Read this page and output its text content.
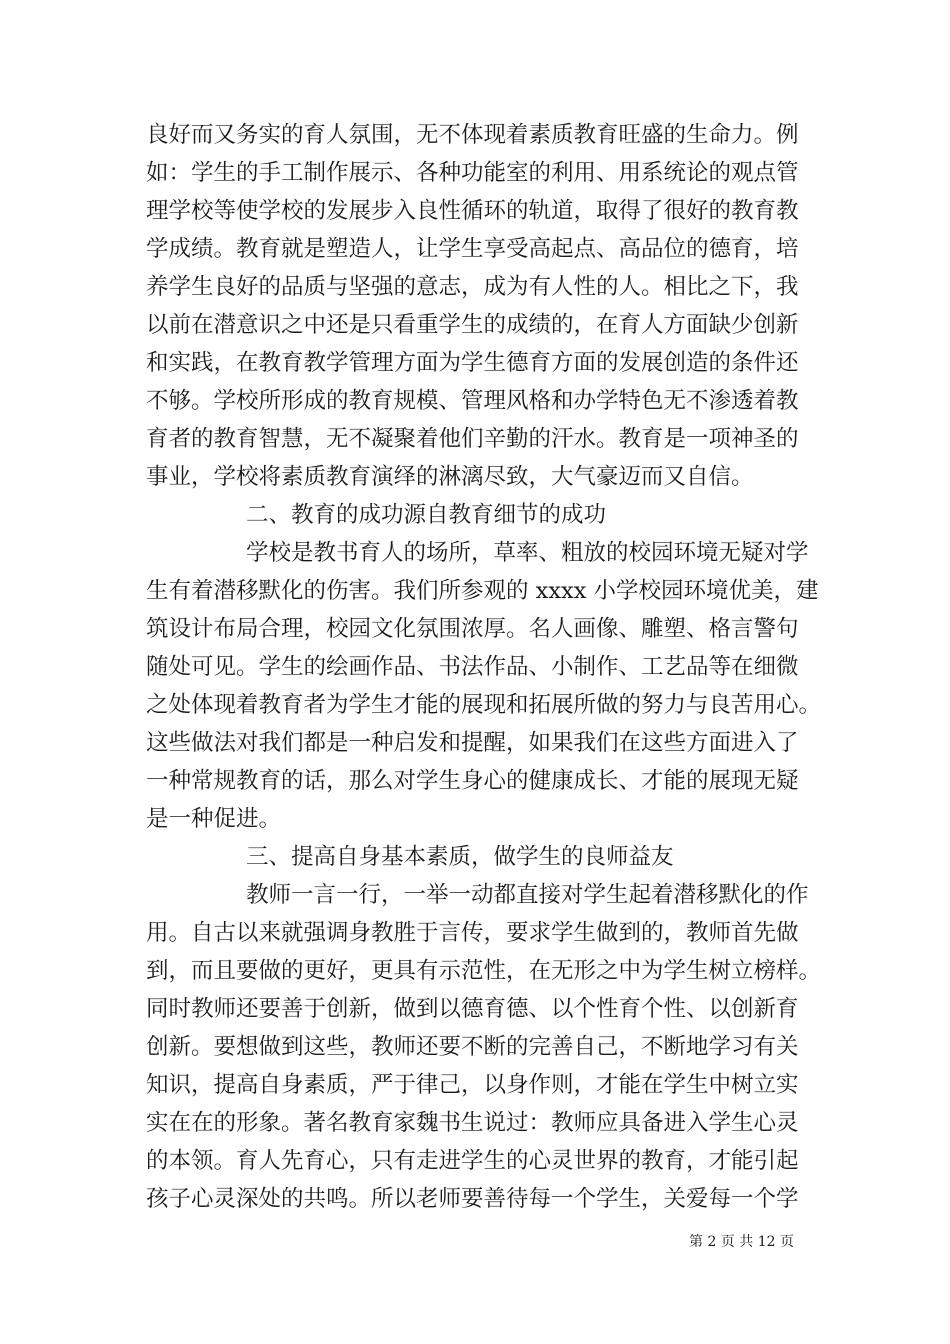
良好而又务实的育人氛围，无不体现着素质教育旺盛的生命力。例
如：学生的手工制作展示、各种功能室的利用、用系统论的观点管
理学校等使学校的发展步入良性循环的轨道，取得了很好的教育教
学成绩。教育就是塑造人，让学生享受高起点、高品位的德育，培
养学生良好的品质与坚强的意志，成为有人性的人。相比之下，我
以前在潜意识之中还是只看重学生的成绩的，在育人方面缺少创新
和实践，在教育教学管理方面为学生德育方面的发展创造的条件还
不够。学校所形成的教育规模、管理风格和办学特色无不渗透着教
育者的教育智慧，无不凝聚着他们辛勤的汗水。教育是一项神圣的
事业，学校将素质教育演绎的淋漓尽致，大气豪迈而又自信。
二、教育的成功源自教育细节的成功
学校是教书育人的场所，草率、粗放的校园环境无疑对学
生有着潜移默化的伤害。我们所参观的 xxxx 小学校园环境优美，建
筑设计布局合理，校园文化氛围浓厚。名人画像、雕塑、格言警句
随处可见。学生的绘画作品、书法作品、小制作、工艺品等在细微
之处体现着教育者为学生才能的展现和拓展所做的努力与良苦用心。
这些做法对我们都是一种启发和提醒，如果我们在这些方面进入了
一种常规教育的话，那么对学生身心的健康成长、才能的展现无疑
是一种促进。
三、提高自身基本素质，做学生的良师益友
教师一言一行，一举一动都直接对学生起着潜移默化的作
用。自古以来就强调身教胜于言传，要求学生做到的，教师首先做
到，而且要做的更好，更具有示范性，在无形之中为学生树立榜样。
同时教师还要善于创新，做到以德育德、以个性育个性、以创新育
创新。要想做到这些，教师还要不断的完善自己，不断地学习有关
知识，提高自身素质，严于律己，以身作则，才能在学生中树立实
实在在的形象。著名教育家魏书生说过：教师应具备进入学生心灵
的本领。育人先育心，只有走进学生的心灵世界的教育，才能引起
孩子心灵深处的共鸣。所以老师要善待每一个学生，关爱每一个学
第 2 页 共 12 页
